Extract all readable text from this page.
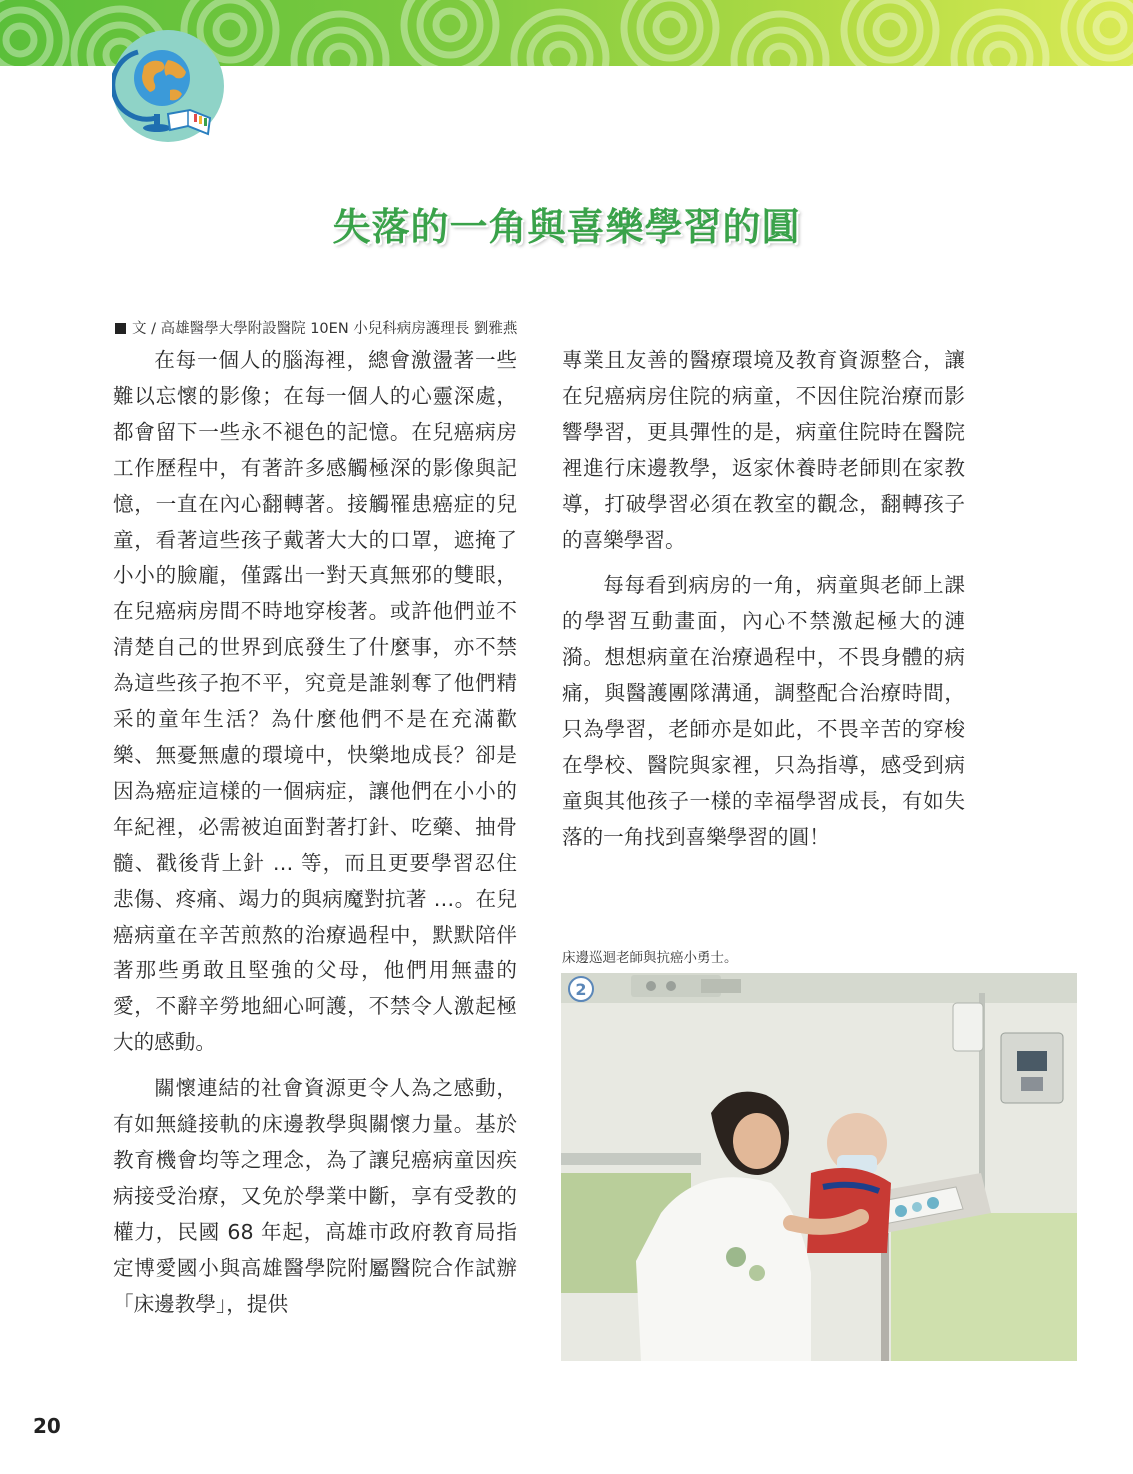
失落的一角與喜樂學習的圓
文 / 高雄醫學大學附設醫院 10EN 小兒科病房護理長 劉雅燕

在每一個人的腦海裡，總會激盪著一些難以忘懷的影像；在每一個人的心靈深處，都會留下一些永不褪色的記憶。在兒癌病房工作歷程中，有著許多感觸極深的影像與記憶，一直在內心翻轉著。接觸罹患癌症的兒童，看著這些孩子戴著大大的口罩，遮掩了小小的臉龐，僅露出一對天真無邪的雙眼，在兒癌病房間不時地穿梭著。或許他們並不清楚自己的世界到底發生了什麼事，亦不禁為這些孩子抱不平，究竟是誰剝奪了他們精采的童年生活？為什麼他們不是在充滿歡樂、無憂無慮的環境中，快樂地成長？卻是因為癌症這樣的一個病症，讓他們在小小的年紀裡，必需被迫面對著打針、吃藥、抽骨髓、戳後背上針 … 等，而且更要學習忍住悲傷、疼痛、竭力的與病魔對抗著 …。在兒癌病童在辛苦煎熬的治療過程中，默默陪伴著那些勇敢且堅強的父母，他們用無盡的愛，不辭辛勞地細心呵護，不禁令人激起極大的感動。

關懷連結的社會資源更令人為之感動，有如無縫接軌的床邊教學與關懷力量。基於教育機會均等之理念，為了讓兒癌病童因疾病接受治療，又免於學業中斷，享有受教的權力，民國 68 年起，高雄市政府教育局指定博愛國小與高雄醫學院附屬醫院合作試辦「床邊教學」，提供

專業且友善的醫療環境及教育資源整合，讓在兒癌病房住院的病童，不因住院治療而影響學習，更具彈性的是，病童住院時在醫院裡進行床邊教學，返家休養時老師則在家教導，打破學習必須在教室的觀念，翻轉孩子的喜樂學習。

每每看到病房的一角，病童與老師上課的學習互動畫面，內心不禁激起極大的漣漪。想想病童在治療過程中，不畏身體的病痛，與醫護團隊溝通，調整配合治療時間，只為學習，老師亦是如此，不畏辛苦的穿梭在學校、醫院與家裡，只為指導，感受到病童與其他孩子一樣的幸福學習成長，有如失落的一角找到喜樂學習的圓！

床邊巡迴老師與抗癌小勇士。
2
20
